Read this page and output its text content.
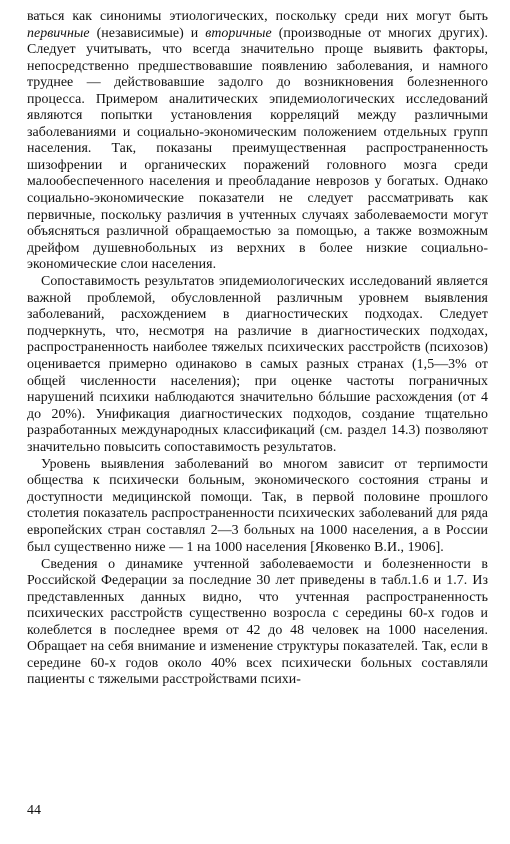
ваться как синонимы этиологических, поскольку среди них могут быть первичные (независимые) и вторичные (производные от многих других). Следует учитывать, что всегда значительно проще выявить факторы, непосредственно предшествовавшие появлению заболевания, и намного труднее — действовавшие задолго до возникновения болезненного процесса. Примером аналитических эпидемиологических исследований являются попытки установления корреляций между различными заболеваниями и социально-экономическим положением отдельных групп населения. Так, показаны преимущественная распространенность шизофрении и органических поражений головного мозга среди малообеспеченного населения и преобладание неврозов у богатых. Однако социально-экономические показатели не следует рассматривать как первичные, поскольку различия в учтенных случаях заболеваемости могут объясняться различной обращаемостью за помощью, а также возможным дрейфом душевнобольных из верхних в более низкие социально-экономические слои населения.

Сопоставимость результатов эпидемиологических исследований является важной проблемой, обусловленной различным уровнем выявления заболеваний, расхождением в диагностических подходах. Следует подчеркнуть, что, несмотря на различие в диагностических подходах, распространенность наиболее тяжелых психических расстройств (психозов) оценивается примерно одинаково в самых разных странах (1,5—3% от общей численности населения); при оценке частоты пограничных нарушений психики наблюдаются значительно бóльшие расхождения (от 4 до 20%). Унификация диагностических подходов, создание тщательно разработанных международных классификаций (см. раздел 14.3) позволяют значительно повысить сопоставимость результатов.

Уровень выявления заболеваний во многом зависит от терпимости общества к психически больным, экономического состояния страны и доступности медицинской помощи. Так, в первой половине прошлого столетия показатель распространенности психических заболеваний для ряда европейских стран составлял 2—3 больных на 1000 населения, а в России был существенно ниже — 1 на 1000 населения [Яковенко В.И., 1906].

Сведения о динамике учтенной заболеваемости и болезненности в Российской Федерации за последние 30 лет приведены в табл.1.6 и 1.7. Из представленных данных видно, что учтенная распространенность психических расстройств существенно возросла с середины 60-х годов и колеблется в последнее время от 42 до 48 человек на 1000 населения. Обращает на себя внимание и изменение структуры показателей. Так, если в середине 60-х годов около 40% всех психически больных составляли пациенты с тяжелыми расстройствами психи-

44
